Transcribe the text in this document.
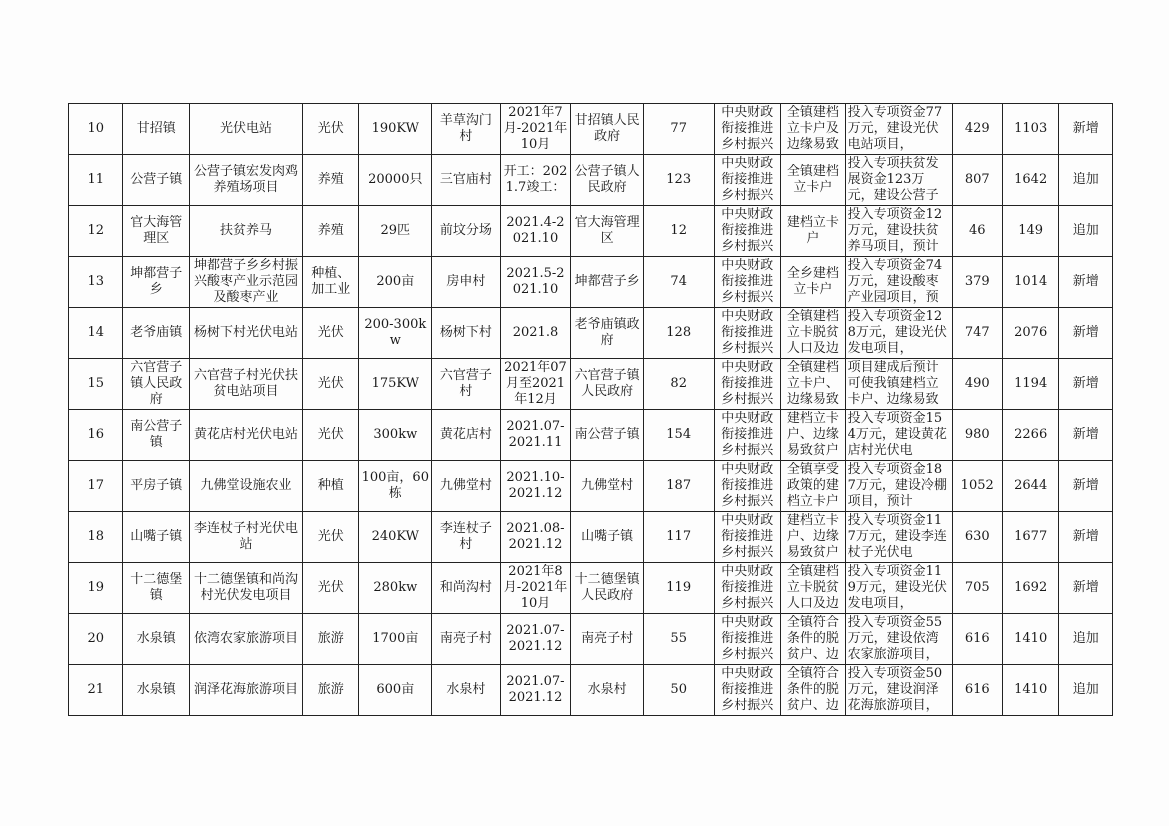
10	甘招镇	光伏电站	光伏	190KW	羊草沟门村	2021年7月-2021年10月	甘招镇人民政府	77	中央财政衔接推进乡村振兴	全镇建档立卡户及边缘易致	投入专项资金77万元，建设光伏电站项目，	429	1103	新增

11	公营子镇	公营子镇宏发肉鸡养殖场项目	养殖	20000只	三官庙村	开工：2021.7竣工：	公营子镇人民政府	123	中央财政衔接推进乡村振兴	全镇建档立卡户	投入专项扶贫发展资金123万元，建设公营子	807	1642	追加

12	官大海管理区	扶贫养马	养殖	29匹	前坟分场	2021.4-2021.10	官大海管理区	12	中央财政衔接推进乡村振兴	建档立卡户	投入专项资金12万元，建设扶贫养马项目，预计	46	149	追加

13	坤都营子乡	坤都营子乡乡村振兴酸枣产业示范园及酸枣产业	种植、加工业	200亩	房申村	2021.5-2021.10	坤都营子乡	74	中央财政衔接推进乡村振兴	全乡建档立卡户	投入专项资金74万元，建设酸枣产业园项目，预	379	1014	新增

14	老爷庙镇	杨树下村光伏电站	光伏	200-300kw	杨树下村	2021.8	老爷庙镇政府	128	中央财政衔接推进乡村振兴	全镇建档立卡脱贫人口及边	投入专项资金128万元，建设光伏发电项目，	747	2076	新增

15	六官营子镇人民政府	六官营子村光伏扶贫电站项目	光伏	175KW	六官营子村	2021年07月至2021年12月	六官营子镇人民政府	82	中央财政衔接推进乡村振兴	全镇建档立卡户、边缘易致	项目建成后预计可使我镇建档立卡户、边缘易致	490	1194	新增

16	南公营子镇	黄花店村光伏电站	光伏	300kw	黄花店村	2021.07-2021.11	南公营子镇	154	中央财政衔接推进乡村振兴	建档立卡户、边缘易致贫户	投入专项资金154万元，建设黄花店村光伏电	980	2266	新增

17	平房子镇	九佛堂设施农业	种植	100亩，60栋	九佛堂村	2021.10-2021.12	九佛堂村	187	中央财政衔接推进乡村振兴	全镇享受政策的建档立卡户	投入专项资金187万元，建设冷棚项目，预计	1052	2644	新增

18	山嘴子镇	李连杖子村光伏电站	光伏	240KW	李连杖子村	2021.08-2021.12	山嘴子镇	117	中央财政衔接推进乡村振兴	建档立卡户、边缘易致贫户	投入专项资金117万元，建设李连杖子光伏电	630	1677	新增

19	十二德堡镇	十二德堡镇和尚沟村光伏发电项目	光伏	280kw	和尚沟村	2021年8月-2021年10月	十二德堡镇人民政府	119	中央财政衔接推进乡村振兴	全镇建档立卡脱贫人口及边	投入专项资金119万元，建设光伏发电项目，	705	1692	新增

20	水泉镇	依湾农家旅游项目	旅游	1700亩	南亮子村	2021.07-2021.12	南亮子村	55	中央财政衔接推进乡村振兴	全镇符合条件的脱贫户、边	投入专项资金55万元，建设依湾农家旅游项目，	616	1410	追加

21	水泉镇	润泽花海旅游项目	旅游	600亩	水泉村	2021.07-2021.12	水泉村	50	中央财政衔接推进乡村振兴	全镇符合条件的脱贫户、边	投入专项资金50万元，建设润泽花海旅游项目，	616	1410	追加
